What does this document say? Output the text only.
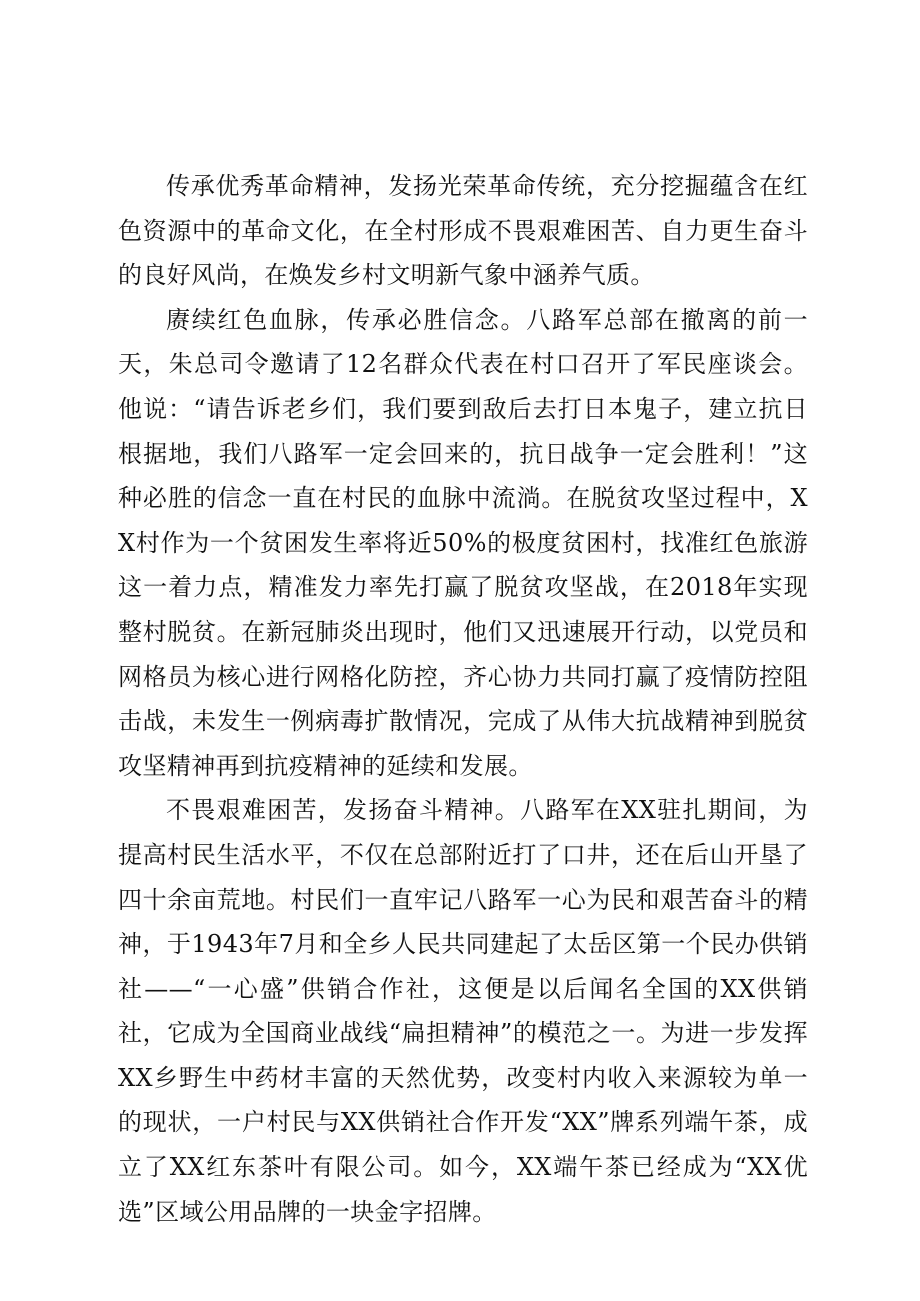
传承优秀革命精神，发扬光荣革命传统，充分挖掘蕴含在红色资源中的革命文化，在全村形成不畏艰难困苦、自力更生奋斗的良好风尚，在焕发乡村文明新气象中涵养气质。

赓续红色血脉，传承必胜信念。八路军总部在撤离的前一天，朱总司令邀请了12名群众代表在村口召开了军民座谈会。他说：“请告诉老乡们，我们要到敌后去打日本鬼子，建立抗日根据地，我们八路军一定会回来的，抗日战争一定会胜利！”这种必胜的信念一直在村民的血脉中流淌。在脱贫攻坚过程中，XX村作为一个贫困发生率将近50%的极度贫困村，找准红色旅游这一着力点，精准发力率先打赢了脱贫攻坚战，在2018年实现整村脱贫。在新冠肺炎出现时，他们又迅速展开行动，以党员和网格员为核心进行网格化防控，齐心协力共同打赢了疫情防控阻击战，未发生一例病毒扩散情况，完成了从伟大抗战精神到脱贫攻坚精神再到抗疫精神的延续和发展。

不畏艰难困苦，发扬奋斗精神。八路军在XX驻扎期间，为提高村民生活水平，不仅在总部附近打了口井，还在后山开垦了四十余亩荒地。村民们一直牢记八路军一心为民和艰苦奋斗的精神，于1943年7月和全乡人民共同建起了太岳区第一个民办供销社——“一心盛”供销合作社，这便是以后闻名全国的XX供销社，它成为全国商业战线“扁担精神”的模范之一。为进一步发挥XX乡野生中药材丰富的天然优势，改变村内收入来源较为单一的现状，一户村民与XX供销社合作开发“XX”牌系列端午茶，成立了XX红东茶叶有限公司。如今，XX端午茶已经成为“XX优选”区域公用品牌的一块金字招牌。
